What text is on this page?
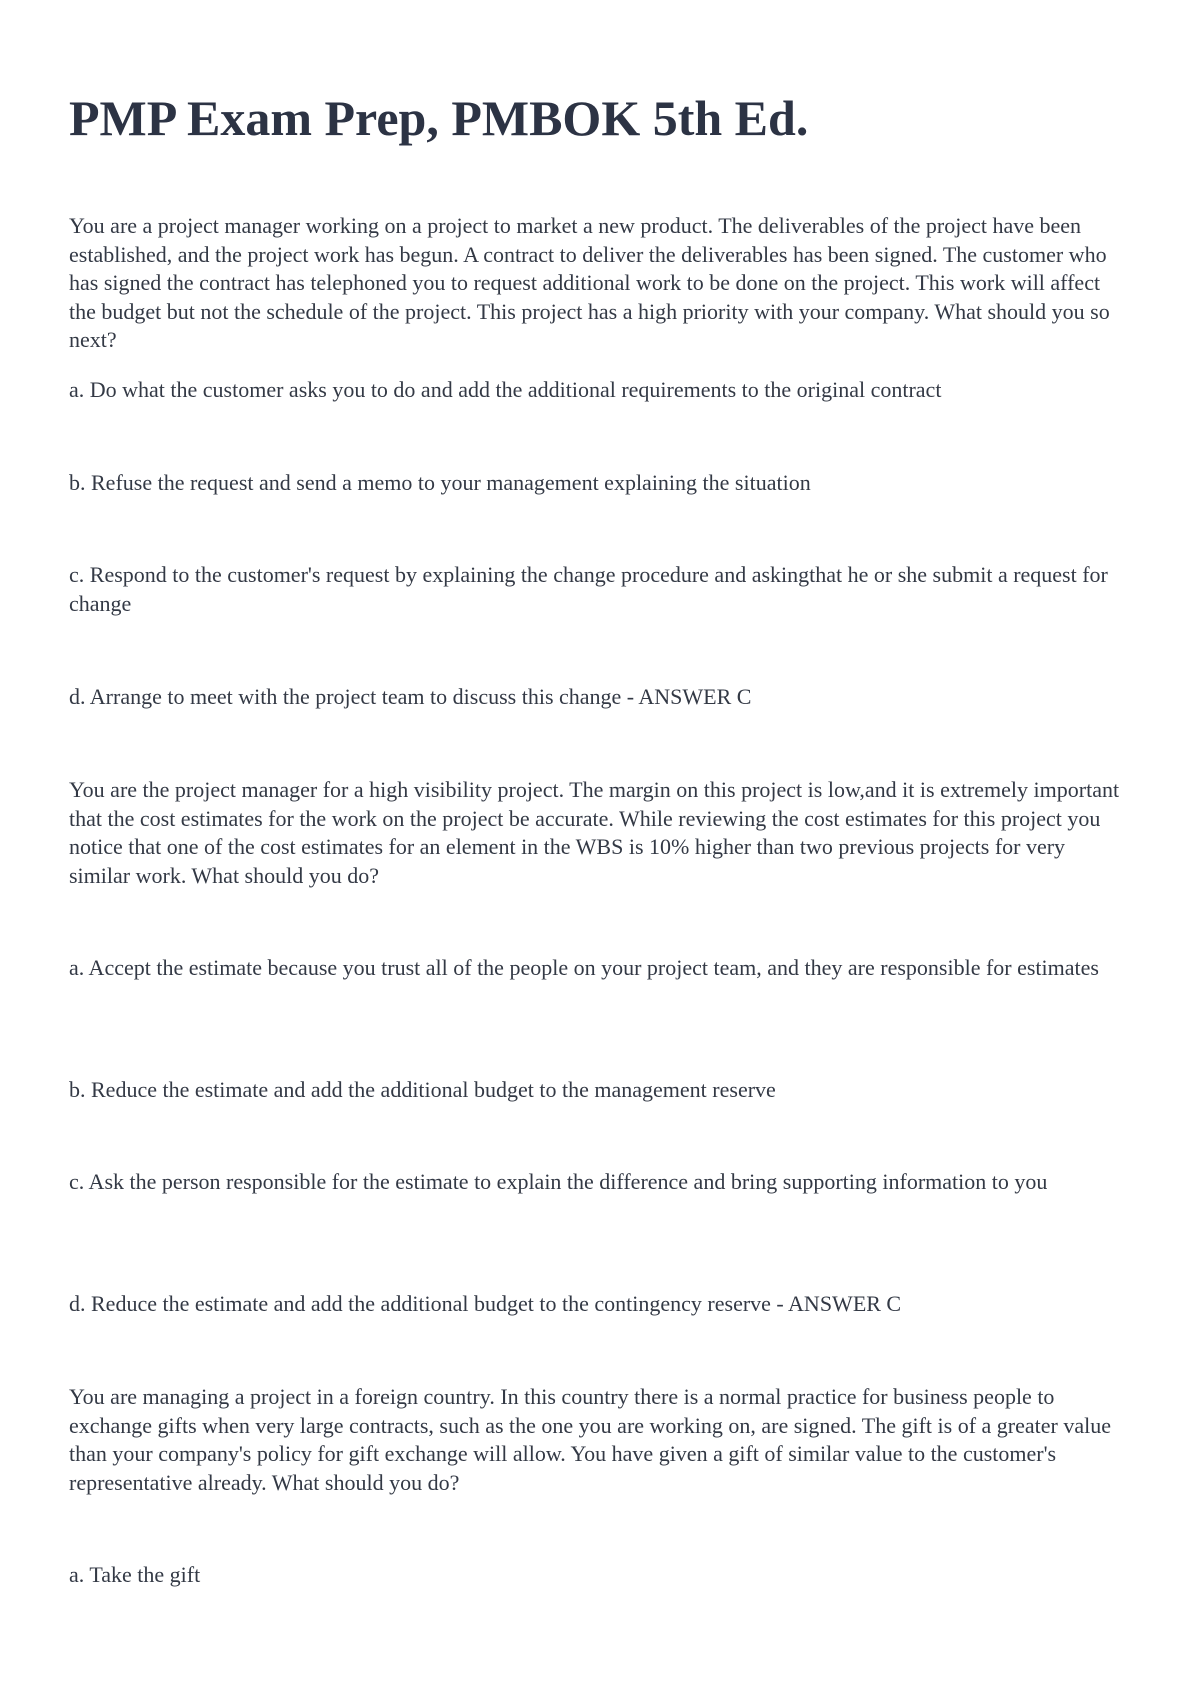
PMP Exam Prep, PMBOK 5th Ed.

You are a project manager working on a project to market a new product. The deliverables of the project have been established, and the project work has begun. A contract to deliver the deliverables has been signed. The customer who has signed the contract has telephoned you to request additional work to be done on the project. This work will affect the budget but not the schedule of the project. This project has a high priority with your company. What should you so next?

a. Do what the customer asks you to do and add the additional requirements to the original contract

b. Refuse the request and send a memo to your management explaining the situation

c. Respond to the customer's request by explaining the change procedure and askingthat he or she submit a request for change

d. Arrange to meet with the project team to discuss this change - ANSWER C

You are the project manager for a high visibility project. The margin on this project is low,and it is extremely important that the cost estimates for the work on the project be accurate. While reviewing the cost estimates for this project you notice that one of the cost estimates for an element in the WBS is 10% higher than two previous projects for very similar work. What should you do?

a. Accept the estimate because you trust all of the people on your project team, and they are responsible for estimates

b. Reduce the estimate and add the additional budget to the management reserve

c. Ask the person responsible for the estimate to explain the difference and bring supporting information to you

d. Reduce the estimate and add the additional budget to the contingency reserve - ANSWER C

You are managing a project in a foreign country. In this country there is a normal practice for business people to exchange gifts when very large contracts, such as the one you are working on, are signed. The gift is of a greater value than your company's policy for gift exchange will allow. You have given a gift of similar value to the customer's representative already. What should you do?

a. Take the gift
